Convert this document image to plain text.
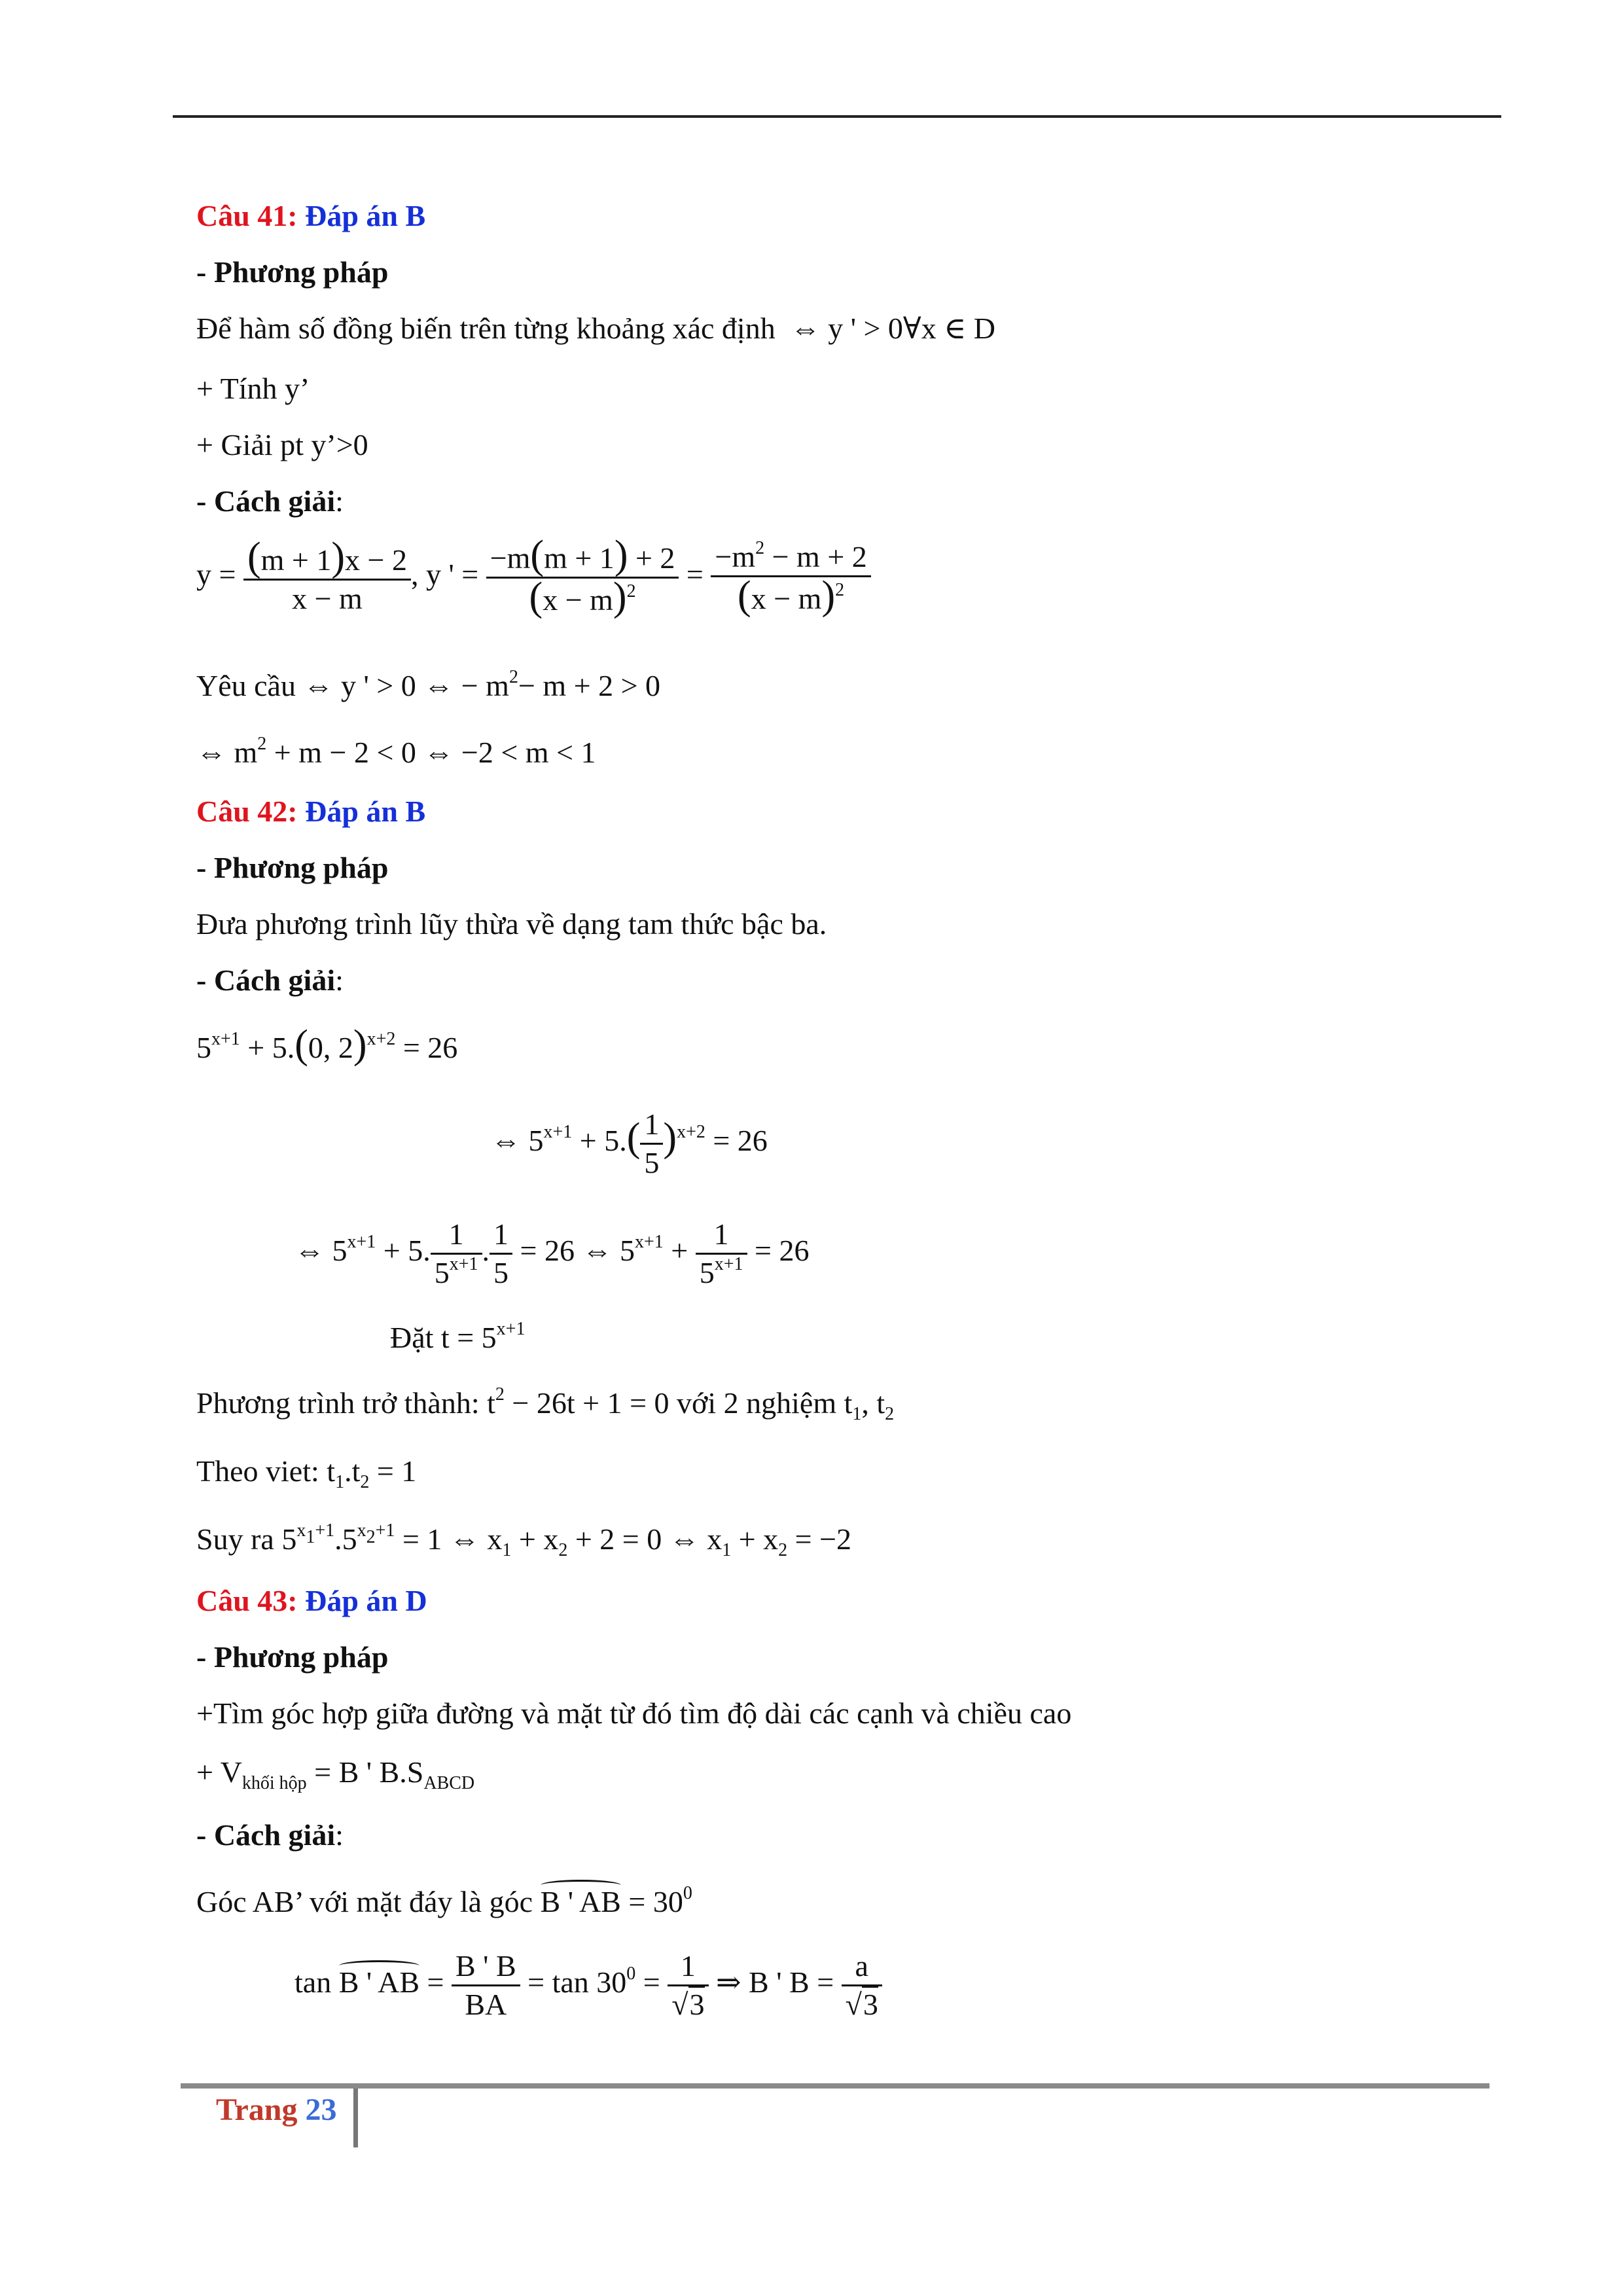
Câu 41: Đáp án B
- Phương pháp
Để hàm số đồng biến trên từng khoảng xác định ⇔ y ' > 0∀x ∈ D
+ Tính y’
+ Giải pt y’>0
- Cách giải:
$y = \frac{(m + 1)x - 2}{x - m}$ , y ' = $\frac{-m(m + 1) + 2}{(x - m)^2} = \frac{-m^2 - m + 2}{(x - m)^2}$
Yêu cầu ⇔ y ' > 0 ⇔ − $m^2- m + 2 > 0$
⇔ $m^2 + m - 2 < 0$ ⇔ −2 < m < 1
Câu 42: Đáp án B
- Phương pháp
Đưa phương trình lũy thừa về dạng tam thức bậc ba.
- Cách giải:
$5^{x+1} + 5.(0$, 2)$^{x+2}$ = 26
⇔ $5^{x+1} + 5.( \frac{1}{5} )^{x+2} = 26$
⇔ $5^{x+1} + 5$. $\frac{1}{5^{x+1}}$ . $\frac{1}{5} = 26$ ⇔ $5^{x+1} + \frac{1}{5^{x+1}} = 26$
Đặt $t = 5^{x+1}$
Phương trình trở thành: $t^2 - 26t + 1 = 0$ với 2 nghiệm $t_1$, $t_2$
Theo viet: $t_1.t_2 = 1$
Suy ra $5^{x_1+1}.5^{x_2+1} = 1$ ⇔ $x_1 + x_2 + 2 = 0$ ⇔ $x_1 + x_2 = -2$
Câu 43: Đáp án D
- Phương pháp
+Tìm góc hợp giữa đường và mặt từ đó tìm độ dài các cạnh và chiều cao
+ $V_{khối hộp} = B$ ' $B.S_{ABCD}$
- Cách giải:
Góc AB’ với mặt đáy là góc B ' AB = $30^0$
tan B ' AB = $\frac{B ' B}{BA} = \tan 30^0 = \frac{1}{√3}$ ⇒ B ' $B = \frac{a}{√3}$
Trang 23
